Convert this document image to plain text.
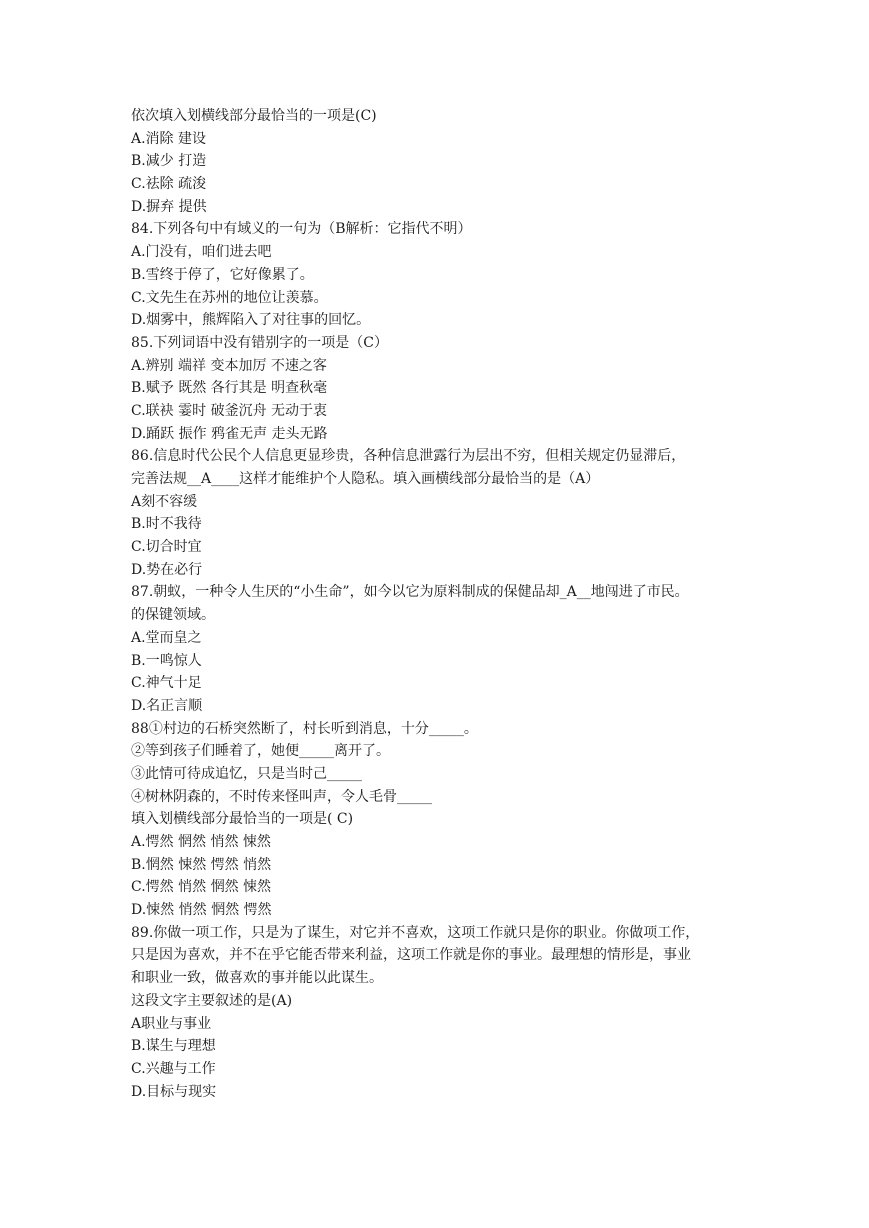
依次填入划横线部分最恰当的一项是(C)
A.消除 建设
B.减少 打造
C.祛除 疏浚
D.摒弃 提供
84.下列各句中有域义的一句为（B解析：它指代不明）
A.门没有，咱们进去吧
B.雪终于停了，它好像累了。
C.文先生在苏州的地位让羡慕。
D.烟雾中，熊辉陷入了对往事的回忆。
85.下列词语中没有错别字的一项是（C）
A.辨别 端祥 变本加厉 不速之客
B.赋予 既然 各行其是 明查秋毫
C.联袂 霎时 破釜沉舟 无动于衷
D.踊跃 振作 鸦雀无声 走头无路
86.信息时代公民个人信息更显珍贵，各种信息泄露行为层出不穷，但相关规定仍显滞后，
完善法规__A____这样才能维护个人隐私。填入画横线部分最恰当的是（A）
A刻不容缓
B.时不我待
C.切合时宜
D.势在必行
87.朝蚁，一种令人生厌的“小生命”，如今以它为原料制成的保健品却_A__地闯进了市民。
的保键领域。
A.堂而皇之
B.一鸣惊人
C.神气十足
D.名正言顺
88①村边的石桥突然断了，村长听到消息，十分_____。
②等到孩子们睡着了，她便_____离开了。
③此情可待成追忆，只是当时己_____
④树林阴森的，不时传来怪叫声，令人毛骨_____
填入划横线部分最恰当的一项是( C)
A.愕然 惘然 悄然 悚然
B.惘然 悚然 愕然 悄然
C.愕然 悄然 惘然 悚然
D.悚然 悄然 惘然 愕然
89.你做一项工作，只是为了谋生，对它并不喜欢，这项工作就只是你的职业。你做项工作，
只是因为喜欢，并不在乎它能否带来利益，这项工作就是你的事业。最理想的情形是，事业
和职业一致，做喜欢的事并能以此谋生。
这段文字主要叙述的是(A)
A职业与事业
B.谋生与理想
C.兴趣与工作
D.目标与现实
